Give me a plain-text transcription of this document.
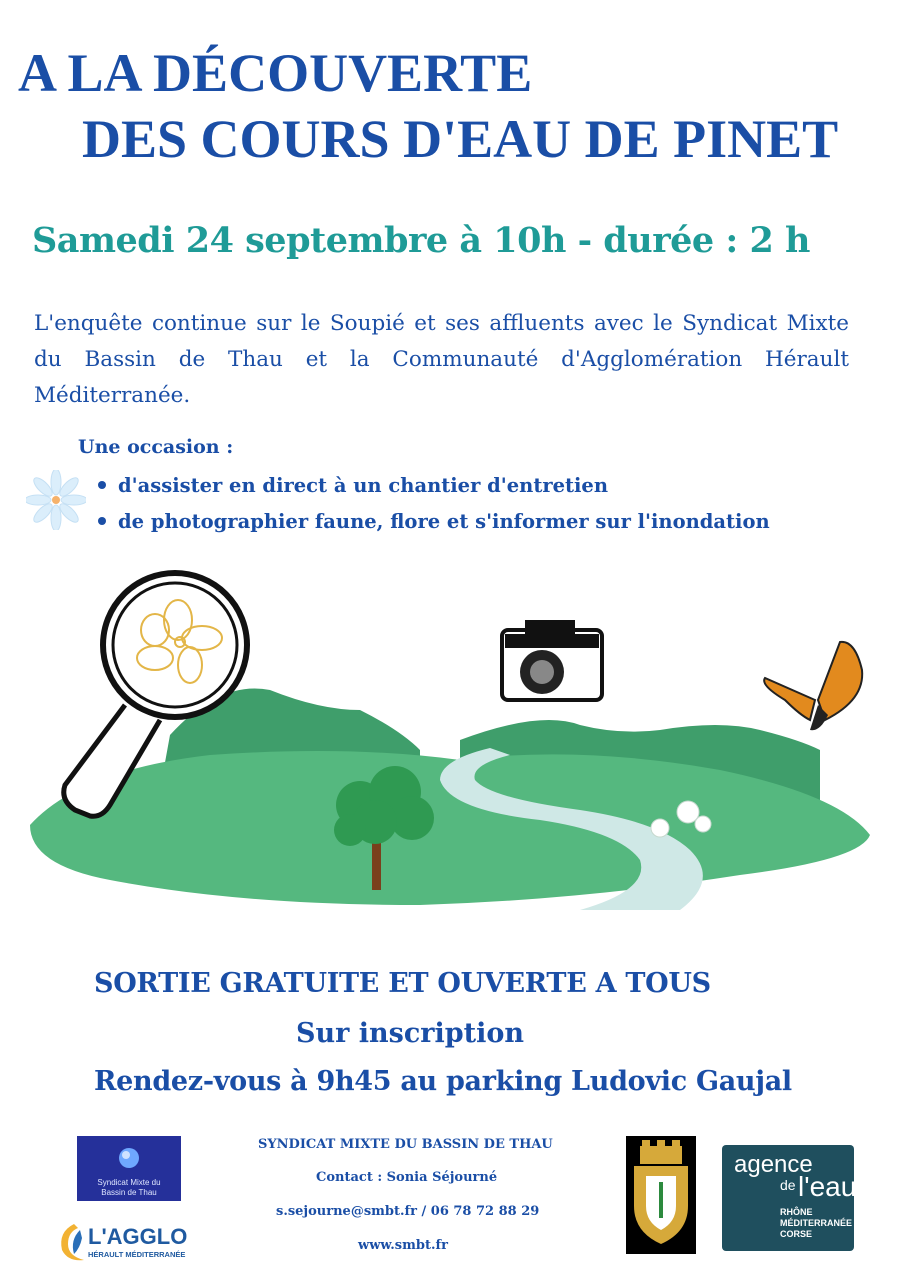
A LA DÉCOUVERTE
DES COURS D'EAU DE PINET
Samedi 24 septembre à 10h - durée : 2 h
L'enquête continue sur le Soupié et ses affluents avec le Syndicat Mixte du Bassin de Thau et la Communauté d'Agglomération Hérault Méditerranée.
Une occasion :
d'assister en direct à un chantier d'entretien
de photographier faune, flore et s'informer sur l'inondation
SORTIE GRATUITE ET OUVERTE A TOUS
Sur inscription
Rendez-vous à 9h45 au parking Ludovic Gaujal
Syndicat Mixte du Bassin de Thau
L'AGGLO
HÉRAULT MÉDITERRANÉE
SYNDICAT MIXTE DU BASSIN DE THAU
Contact : Sonia Séjourné
s.sejourne@smbt.fr / 06 78 72 88 29
www.smbt.fr
agence
de l'eau
RHÔNE
MÉDITERRANÉE
CORSE
